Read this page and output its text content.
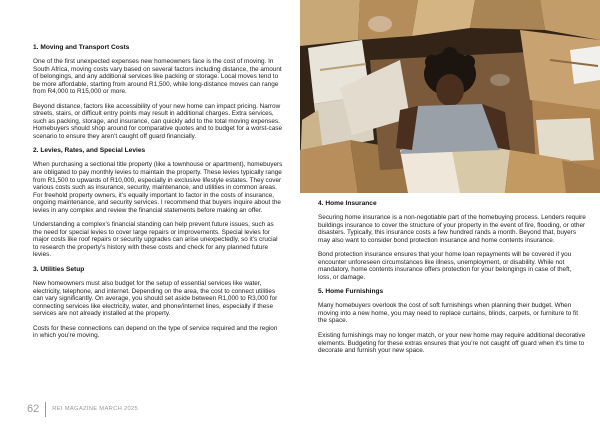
1. Moving and Transport Costs

One of the first unexpected expenses new homeowners face is the cost of moving. In South Africa, moving costs vary based on several factors including distance, the amount of belongings, and any additional services like packing or storage. Local moves tend to be more affordable, starting from around R1,500, while long-distance moves can range from R4,000 to R15,000 or more.

Beyond distance, factors like accessibility of your new home can impact pricing. Narrow streets, stairs, or difficult entry points may result in additional charges. Extra services, such as packing, storage, and insurance, can quickly add to the total moving expenses. Homebuyers should shop around for comparative quotes and to budget for a worst-case scenario to ensure they aren’t caught off guard financially.

2. Levies, Rates, and Special Levies

When purchasing a sectional title property (like a townhouse or apartment), homebuyers are obligated to pay monthly levies to maintain the property. These levies typically range from R1,500 to upwards of R10,000, especially in exclusive lifestyle estates. They cover various costs such as insurance, security, maintenance, and utilities in common areas. For freehold property owners, it’s equally important to factor in the costs of insurance, ongoing maintenance, and security services. I recommend that buyers inquire about the levies in any complex and review the financial statements before making an offer.

Understanding a complex’s financial standing can help prevent future issues, such as the need for special levies to cover large repairs or improvements. Special levies for major costs like roof repairs or security upgrades can arise unexpectedly, so it’s crucial to research the property’s history with these costs and check for any planned future levies.

3. Utilities Setup

New homeowners must also budget for the setup of essential services like water, electricity, telephone, and internet. Depending on the area, the cost to connect utilities can vary significantly. On average, you should set aside between R1,000 to R3,000 for connecting services like electricity, water, and phone/internet lines, especially if these services are not already installed at the property.

Costs for these connections can depend on the type of service required and the region in which you’re moving.

4. Home Insurance

Securing home insurance is a non-negotiable part of the homebuying process. Lenders require buildings insurance to cover the structure of your property in the event of fire, flooding, or other disasters. Typically, this insurance costs a few hundred rands a month. Beyond that, buyers may also want to consider bond protection insurance and home contents insurance.

Bond protection insurance ensures that your home loan repayments will be covered if you encounter unforeseen circumstances like illness, unemployment, or disability. While not mandatory, home contents insurance offers protection for your belongings in case of theft, loss, or damage.

5. Home Furnishings

Many homebuyers overlook the cost of soft furnishings when planning their budget. When moving into a new home, you may need to replace curtains, blinds, carpets, or furniture to fit the space.

Existing furnishings may no longer match, or your new home may require additional decorative elements. Budgeting for these extras ensures that you’re not caught off guard when it’s time to decorate and furnish your new space.

62 REI MAGAZINE MARCH 2025
